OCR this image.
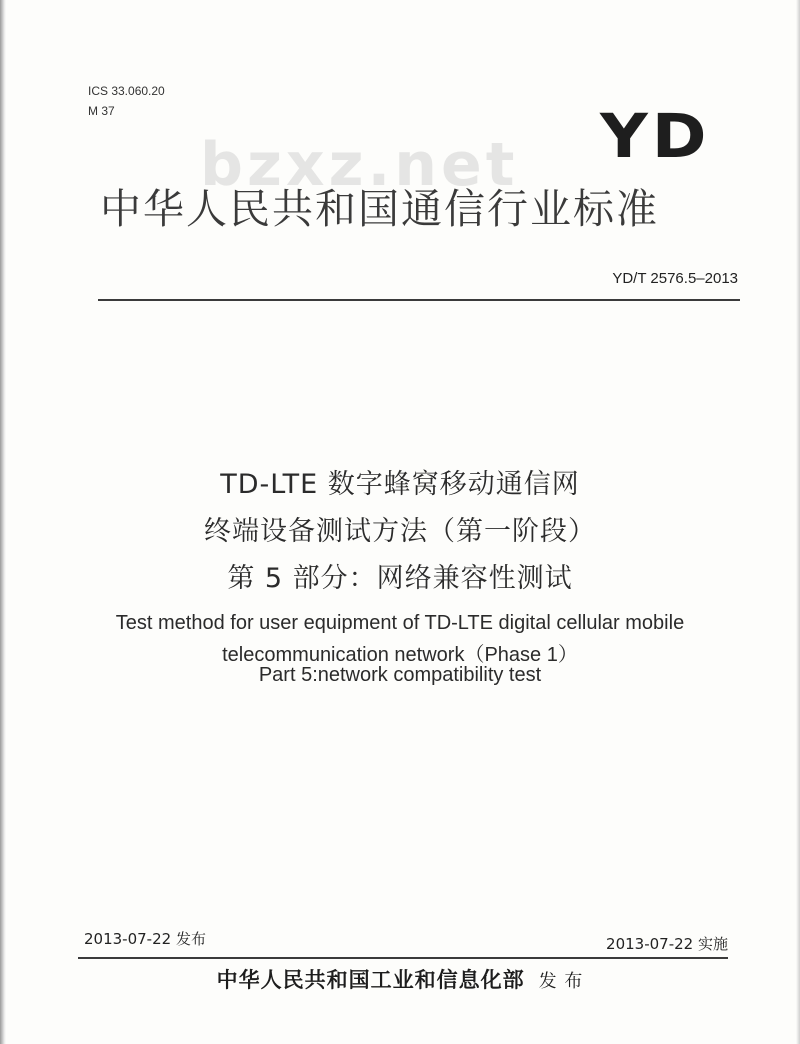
ICS 33.060.20
M 37	YD
bzxz.net
中华人民共和国通信行业标准
YD/T 2576.5–2013
TD-LTE 数字蜂窝移动通信网
终端设备测试方法（第一阶段）
第 5 部分：网络兼容性测试
Test method for user equipment of TD-LTE digital cellular mobile
telecommunication network（Phase 1）
Part 5:network compatibility test
2013-07-22 发布	2013-07-22 实施
中华人民共和国工业和信息化部 发 布
